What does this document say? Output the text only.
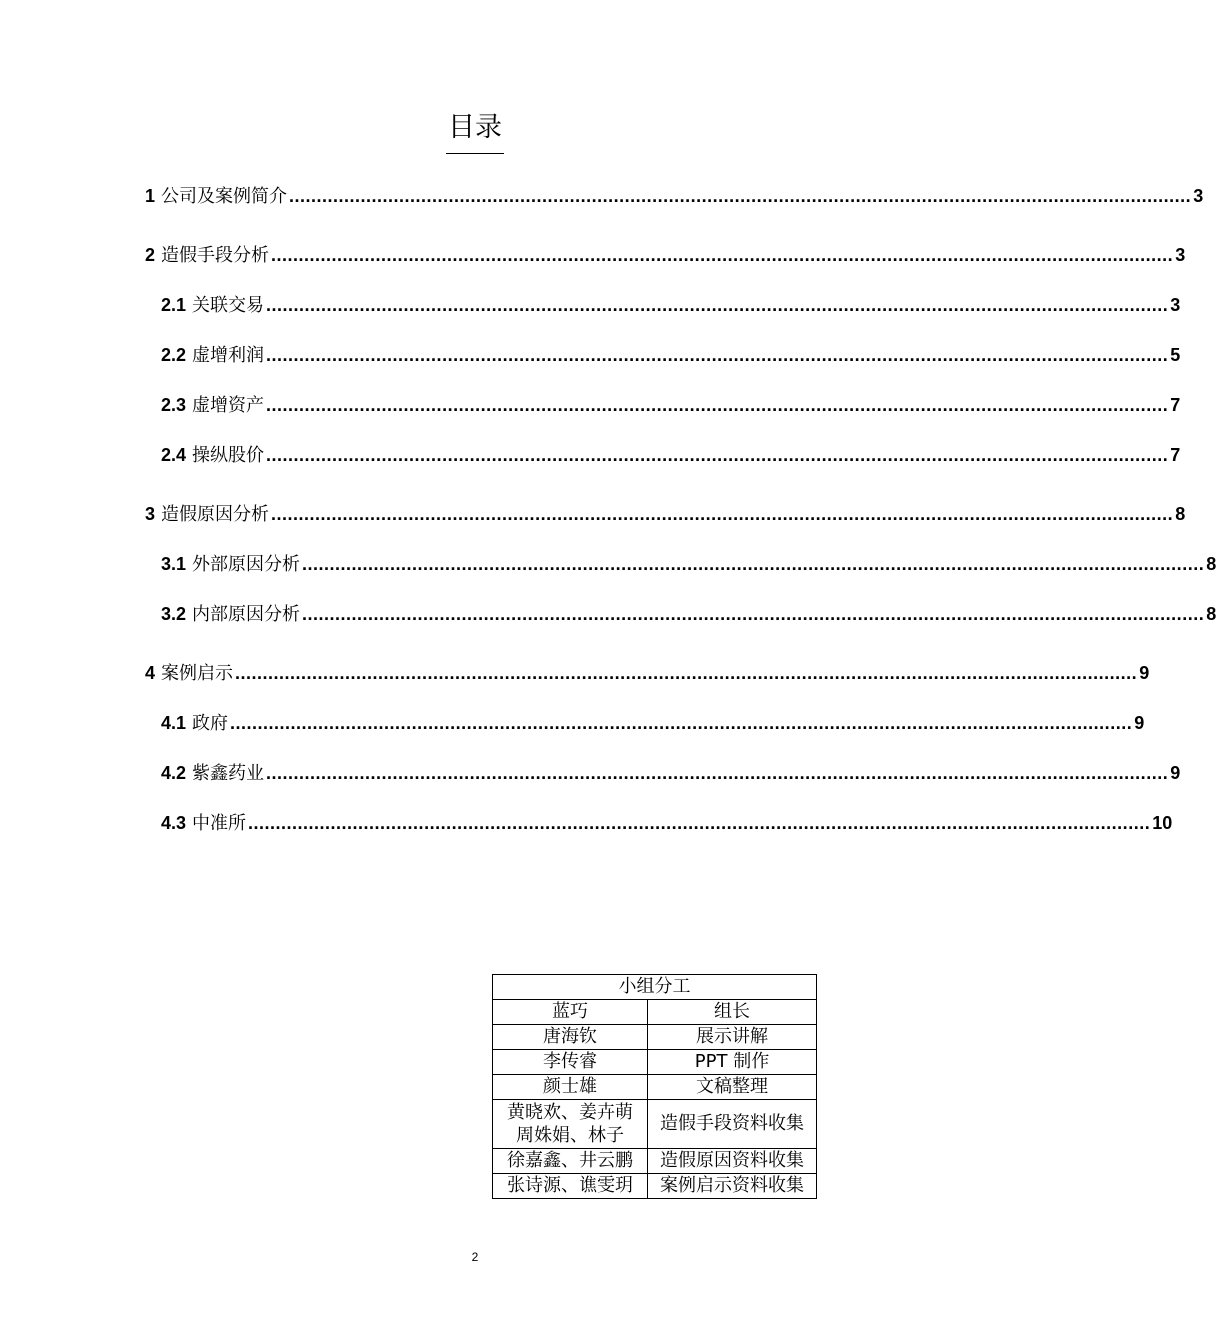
目录
1 公司及案例简介 .................................................................................................................................................................... 3
2 造假手段分析 .................................................................................................................................................................... 3
2.1 关联交易 .................................................................................................................................................................... 3
2.2 虚增利润 .................................................................................................................................................................... 5
2.3 虚增资产 .................................................................................................................................................................... 7
2.4 操纵股价 .................................................................................................................................................................... 7
3 造假原因分析 .................................................................................................................................................................... 8
3.1 外部原因分析 .................................................................................................................................................................... 8
3.2 内部原因分析 .................................................................................................................................................................... 8
4 案例启示 .................................................................................................................................................................... 9
4.1 政府 .................................................................................................................................................................... 9
4.2 紫鑫药业 .................................................................................................................................................................... 9
4.3 中准所 .................................................................................................................................................................... 10
小组分工	
蓝巧	组长
唐海钦	展示讲解
李传睿	PPT 制作
颜士雄	文稿整理

黄晓欢、姜卉萌
周姝娟、林子	造假手段资料收集
徐嘉鑫、井云鹏	造假原因资料收集
张诗源、谯雯玥	案例启示资料收集
2
